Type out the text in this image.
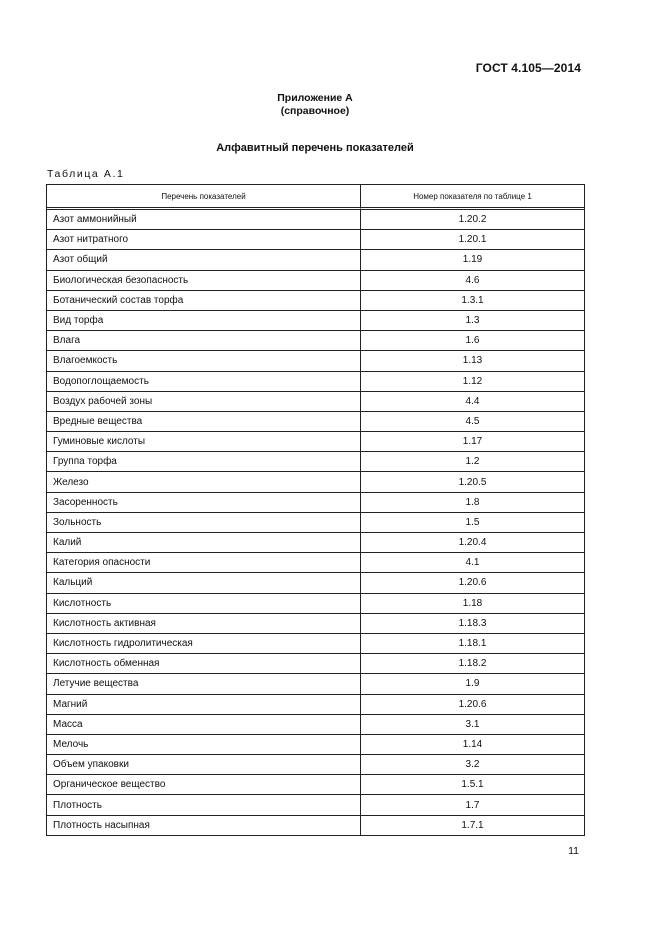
ГОСТ 4.105—2014
Приложение А
(справочное)
Алфавитный перечень показателей
Таблица А.1
Перечень показателей	Номер показателя по таблице 1
Азот аммонийный	1.20.2
Азот нитратного	1.20.1
Азот общий	1.19
Биологическая безопасность	4.6
Ботанический состав торфа	1.3.1
Вид торфа	1.3
Влага	1.6
Влагоемкость	1.13
Водопоглощаемость	1.12
Воздух рабочей зоны	4.4
Вредные вещества	4.5
Гуминовые кислоты	1.17
Группа торфа	1.2
Железо	1.20.5
Засоренность	1.8
Зольность	1.5
Калий	1.20.4
Категория опасности	4.1
Кальций	1.20.6
Кислотность	1.18
Кислотность активная	1.18.3
Кислотность гидролитическая	1.18.1
Кислотность обменная	1.18.2
Летучие вещества	1.9
Магний	1.20.6
Масса	3.1
Мелочь	1.14
Объем упаковки	3.2
Органическое вещество	1.5.1
Плотность	1.7
Плотность насыпная	1.7.1
11
